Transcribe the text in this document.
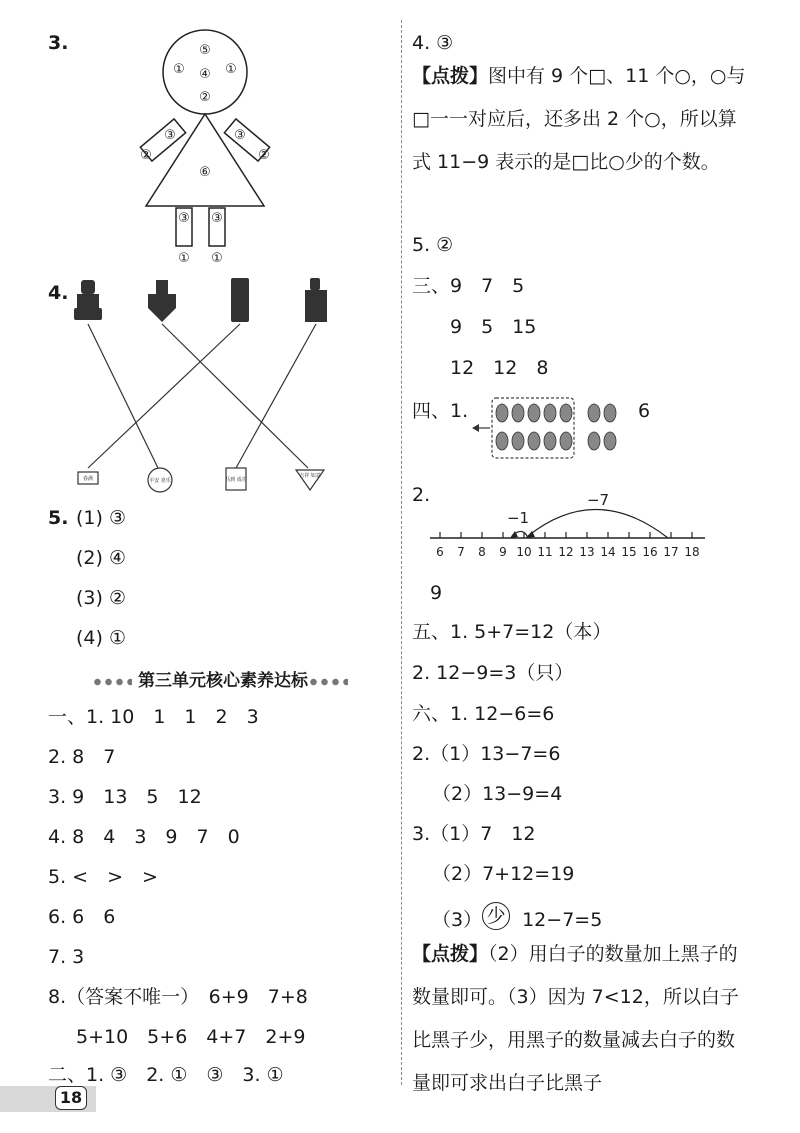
3.	⑤
① ④ ①
②
③	③
②	②
⑥
③ ③
① ①
4.
春满	平安 喜乐	马到 成功
吉祥 如意
5. (1) ③
(2) ④
(3) ②
(4) ①
第三单元核心素养达标
一、1. 10　1　1　2　3
2. 8　7
3. 9　13　5　12
4. 8　4　3　9　7　0
5. <　>　>
6. 6　6
7. 3
8.（答案不唯一）　6+9　7+8
5+10　5+6　4+7　2+9
二、1. ③　2. ①　③　3. ①
4. ③
【点拨】图中有 9 个□、11 个○，○与□一一对应后，还多出 2 个○，所以算式 11−9 表示的是□比○少的个数。
5. ②
三、9　7　5
9　5　15
12　12　8
四、1.	6
2.
6 7 8 9 10 11 12 13 14 15 16 17 18
−1
−7
9
五、1. 5+7=12（本）
2. 12−9=3（只）
六、1. 12−6=6
2.（1）13−7=6
（2）13−9=4
3.（1）7　12
（2）7+12=19
（3） 少 12−7=5
【点拨】（2）用白子的数量加上黑子的数量即可。（3）因为 7<12，所以白子比黑子少，用黑子的数量减去白子的数量即可求出白子比黑子
18
